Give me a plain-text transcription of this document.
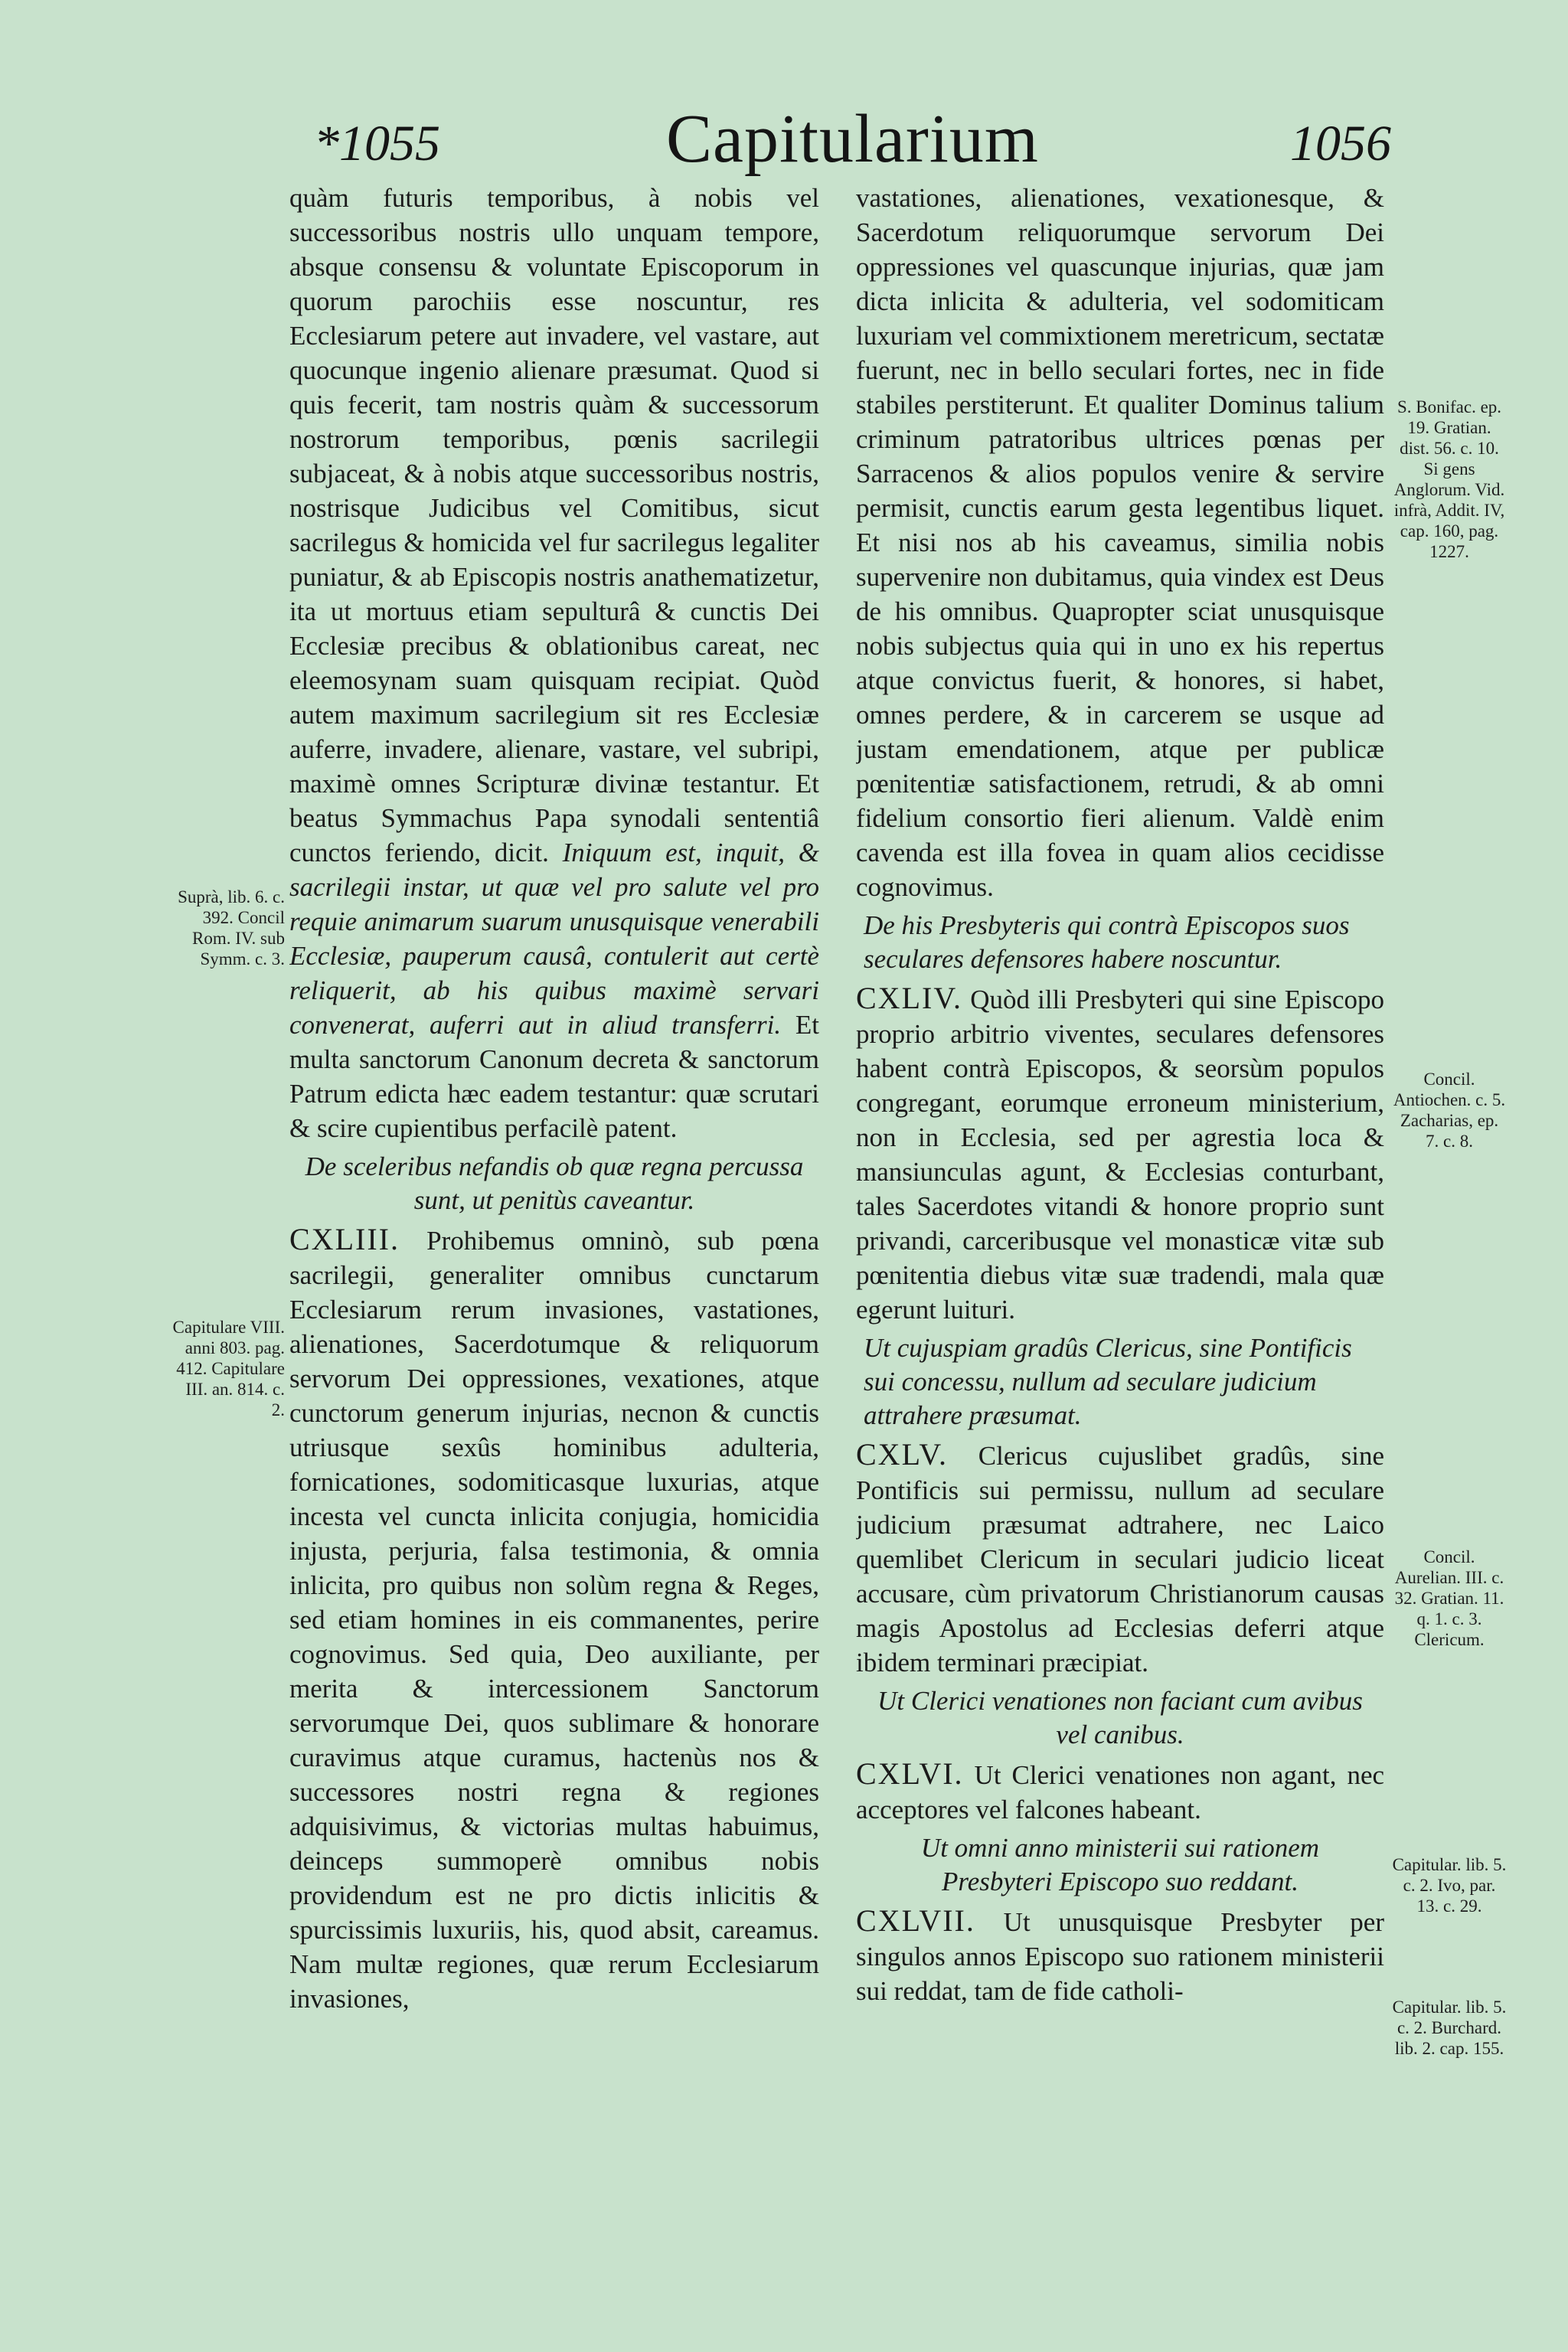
*1055	Capitularium	1056

quàm futuris temporibus, à nobis vel successoribus nostris ullo unquam tempore, absque consensu & voluntate Episcoporum in quorum parochiis esse noscuntur, res Ecclesiarum petere aut invadere, vel vastare, aut quocunque ingenio alienare præsumat. Quod si quis fecerit, tam nostris quàm & successorum nostrorum temporibus, pœnis sacrilegii subjaceat, & à nobis atque successoribus nostris, nostrisque Judicibus vel Comitibus, sicut sacrilegus & homicida vel fur sacrilegus legaliter puniatur, & ab Episcopis nostris anathematizetur, ita ut mortuus etiam sepulturâ & cunctis Dei Ecclesiæ precibus & oblationibus careat, nec eleemosynam suam quisquam recipiat. Quòd autem maximum sacrilegium sit res Ecclesiæ auferre, invadere, alienare, vastare, vel subripi, maximè omnes Scripturæ divinæ testantur. Et beatus Symmachus Papa synodali sententiâ cunctos feriendo, dicit. Iniquum est, inquit, & sacrilegii instar, ut quæ vel pro salute vel pro requie animarum suarum unusquisque venerabili Ecclesiæ, pauperum causâ, contulerit aut certè reliquerit, ab his quibus maximè servari convenerat, auferri aut in aliud transferri. Et multa sanctorum Canonum decreta & sanctorum Patrum edicta hæc eadem testantur: quæ scrutari & scire cupientibus perfacilè patent.

De sceleribus nefandis ob quæ regna percussa sunt, ut penitùs caveantur.

CXLIII. Prohibemus omninò, sub pœna sacrilegii, generaliter omnibus cunctarum Ecclesiarum rerum invasiones, vastationes, alienationes, Sacerdotumque & reliquorum servorum Dei oppressiones, vexationes, atque cunctorum generum injurias, necnon & cunctis utriusque sexûs hominibus adulteria, fornicationes, sodomiticasque luxurias, atque incesta vel cuncta inlicita conjugia, homicidia injusta, perjuria, falsa testimonia, & omnia inlicita, pro quibus non solùm regna & Reges, sed etiam homines in eis commanentes, perire cognovimus. Sed quia, Deo auxiliante, per merita & intercessionem Sanctorum servorumque Dei, quos sublimare & honorare curavimus atque curamus, hactenùs nos & successores nostri regna & regiones adquisivimus, & victorias multas habuimus, deinceps summoperè omnibus nobis providendum est ne pro dictis inlicitis & spurcissimis luxuriis, his, quod absit, careamus. Nam multæ regiones, quæ rerum Ecclesiarum invasiones,

vastationes, alienationes, vexationesque, & Sacerdotum reliquorumque servorum Dei oppressiones vel quascunque injurias, quæ jam dicta inlicita & adulteria, vel sodomiticam luxuriam vel commixtionem meretricum, sectatæ fuerunt, nec in bello seculari fortes, nec in fide stabiles perstiterunt. Et qualiter Dominus talium criminum patratoribus ultrices pœnas per Sarracenos & alios populos venire & servire permisit, cunctis earum gesta legentibus liquet. Et nisi nos ab his caveamus, similia nobis supervenire non dubitamus, quia vindex est Deus de his omnibus. Quapropter sciat unusquisque nobis subjectus quia qui in uno ex his repertus atque convictus fuerit, & honores, si habet, omnes perdere, & in carcerem se usque ad justam emendationem, atque per publicæ pœnitentiæ satisfactionem, retrudi, & ab omni fidelium consortio fieri alienum. Valdè enim cavenda est illa fovea in quam alios cecidisse cognovimus.

De his Presbyteris qui contrà Episcopos suos seculares defensores habere noscuntur.

CXLIV. Quòd illi Presbyteri qui sine Episcopo proprio arbitrio viventes, seculares defensores habent contrà Episcopos, & seorsùm populos congregant, eorumque erroneum ministerium, non in Ecclesia, sed per agrestia loca & mansiunculas agunt, & Ecclesias conturbant, tales Sacerdotes vitandi & honore proprio sunt privandi, carceribusque vel monasticæ vitæ sub pœnitentia diebus vitæ suæ tradendi, mala quæ egerunt luituri.

Ut cujuspiam gradûs Clericus, sine Pontificis sui concessu, nullum ad seculare judicium attrahere præsumat.

CXLV. Clericus cujuslibet gradûs, sine Pontificis sui permissu, nullum ad seculare judicium præsumat adtrahere, nec Laico quemlibet Clericum in seculari judicio liceat accusare, cùm privatorum Christianorum causas magis Apostolus ad Ecclesias deferri atque ibidem terminari præcipiat.

Ut Clerici venationes non faciant cum avibus vel canibus.

CXLVI. Ut Clerici venationes non agant, nec acceptores vel falcones habeant.

Ut omni anno ministerii sui rationem Presbyteri Episcopo suo reddant.

CXLVII. Ut unusquisque Presbyter per singulos annos Episcopo suo rationem ministerii sui reddat, tam de fide catholi-

Suprà, lib. 6. c. 392. Concil Rom. IV. sub Symm. c. 3.
Capitulare VIII. anni 803. pag. 412. Capitulare III. an. 814. c. 2.
S. Bonifac. ep. 19. Gratian. dist. 56. c. 10. Si gens Anglorum. Vid. infrà, Addit. IV, cap. 160, pag. 1227.
Concil. Antiochen. c. 5. Zacharias, ep. 7. c. 8.
Concil. Aurelian. III. c. 32. Gratian. 11. q. 1. c. 3. Clericum.
Capitular. lib. 5. c. 2. Ivo, par. 13. c. 29.
Capitular. lib. 5. c. 2. Burchard. lib. 2. cap. 155.
